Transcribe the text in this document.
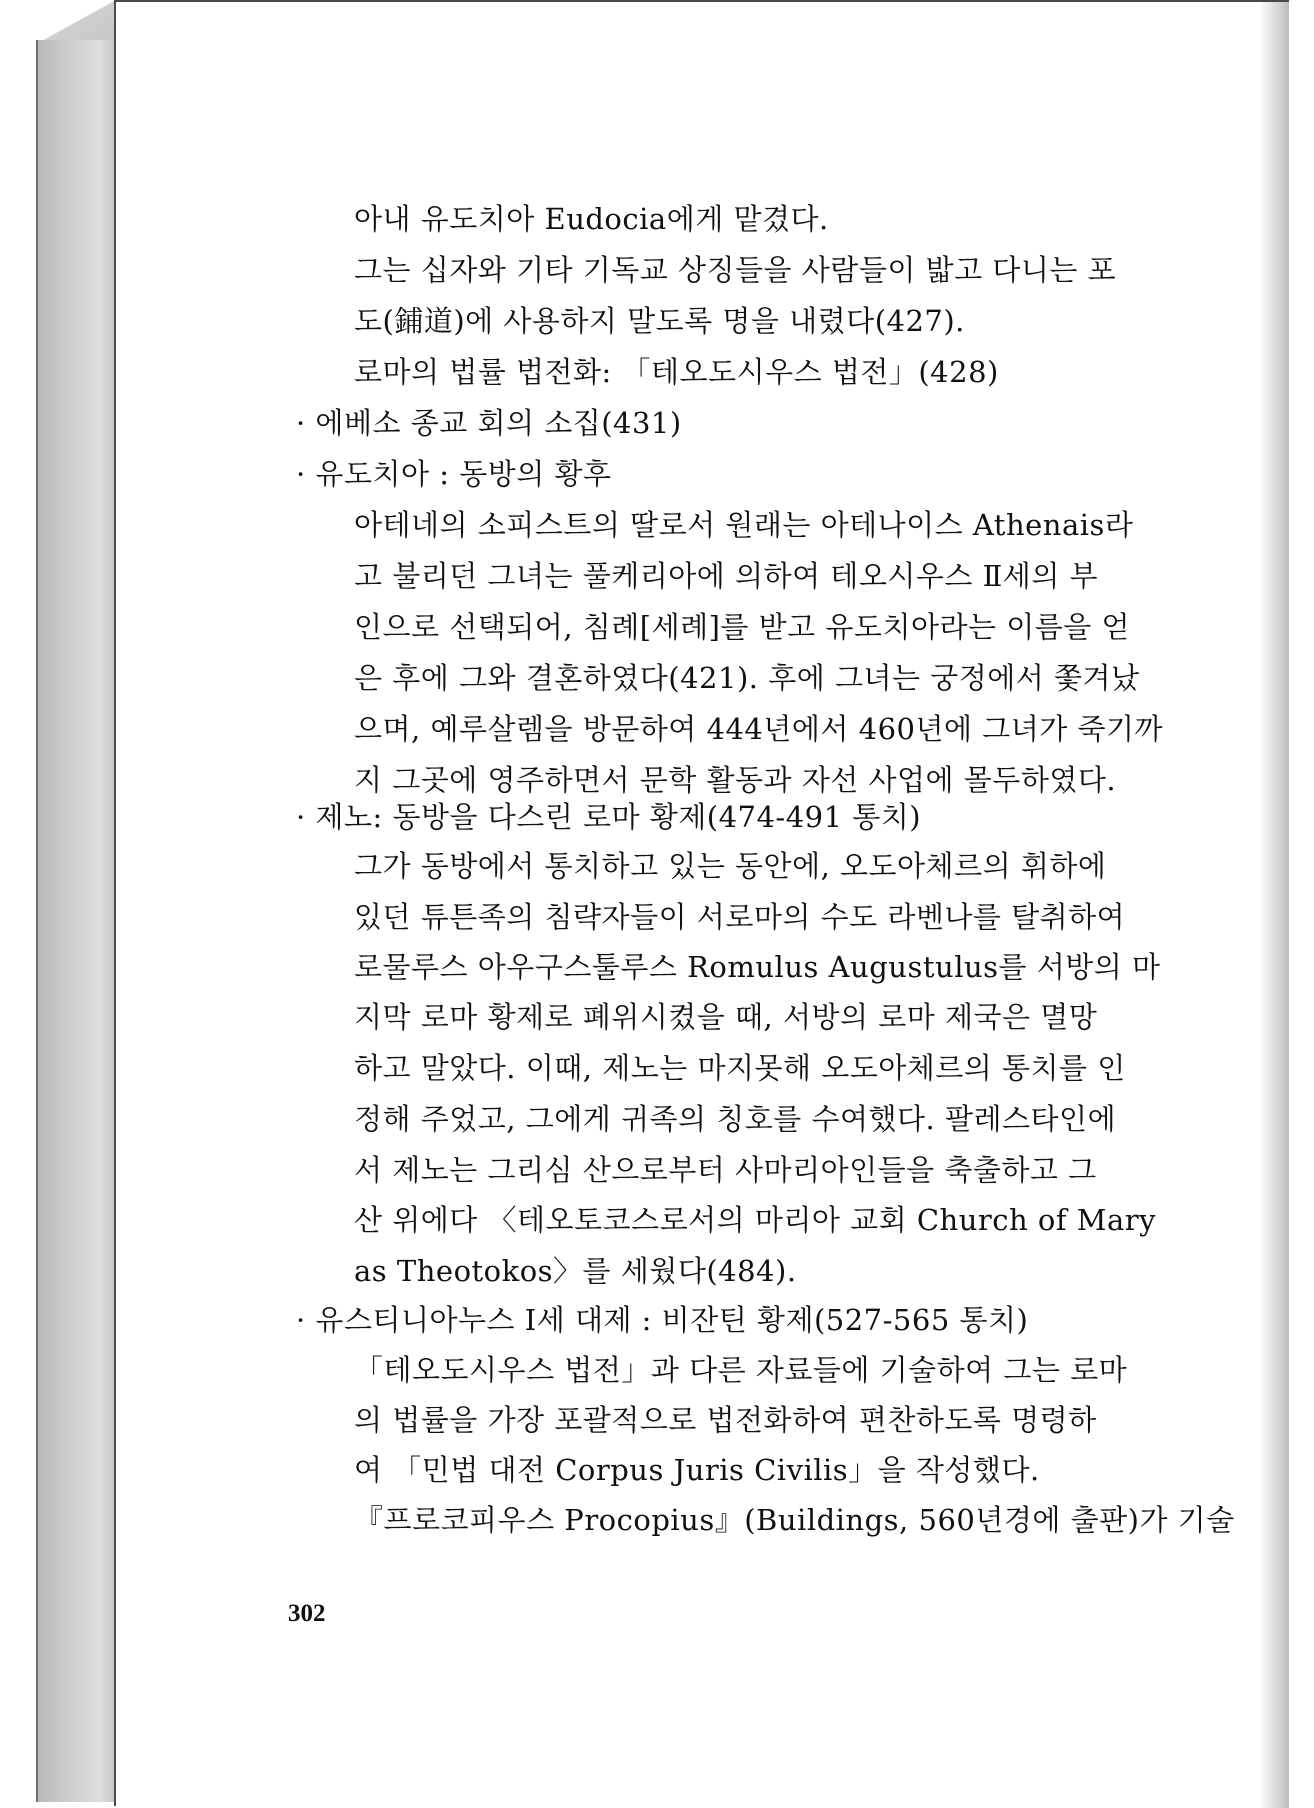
아내 유도치아 Eudocia에게 맡겼다.
그는 십자와 기타 기독교 상징들을 사람들이 밟고 다니는 포
도(鋪道)에 사용하지 말도록 명을 내렸다(427).
로마의 법률 법전화: 「테오도시우스 법전」(428)
· 에베소 종교 회의 소집(431)
· 유도치아 : 동방의 황후
아테네의 소피스트의 딸로서 원래는 아테나이스 Athenais라
고 불리던 그녀는 풀케리아에 의하여 테오시우스 Ⅱ세의 부
인으로 선택되어, 침례[세례]를 받고 유도치아라는 이름을 얻
은 후에 그와 결혼하였다(421). 후에 그녀는 궁정에서 쫓겨났
으며, 예루살렘을 방문하여 444년에서 460년에 그녀가 죽기까
지 그곳에 영주하면서 문학 활동과 자선 사업에 몰두하였다.
· 제노: 동방을 다스린 로마 황제(474-491 통치)
그가 동방에서 통치하고 있는 동안에, 오도아체르의 휘하에
있던 튜튼족의 침략자들이 서로마의 수도 라벤나를 탈취하여
로물루스 아우구스툴루스 Romulus Augustulus를 서방의 마
지막 로마 황제로 폐위시켰을 때, 서방의 로마 제국은 멸망
하고 말았다. 이때, 제노는 마지못해 오도아체르의 통치를 인
정해 주었고, 그에게 귀족의 칭호를 수여했다. 팔레스타인에
서 제노는 그리심 산으로부터 사마리아인들을 축출하고 그
산 위에다 〈테오토코스로서의 마리아 교회 Church of Mary
as Theotokos〉를 세웠다(484).
· 유스티니아누스 Ⅰ세 대제 : 비잔틴 황제(527-565 통치)
「테오도시우스 법전」과 다른 자료들에 기술하여 그는 로마
의 법률을 가장 포괄적으로 법전화하여 편찬하도록 명령하
여 「민법 대전 Corpus Juris Civilis」을 작성했다.
『프로코피우스 Procopius』(Buildings, 560년경에 출판)가 기술
302
